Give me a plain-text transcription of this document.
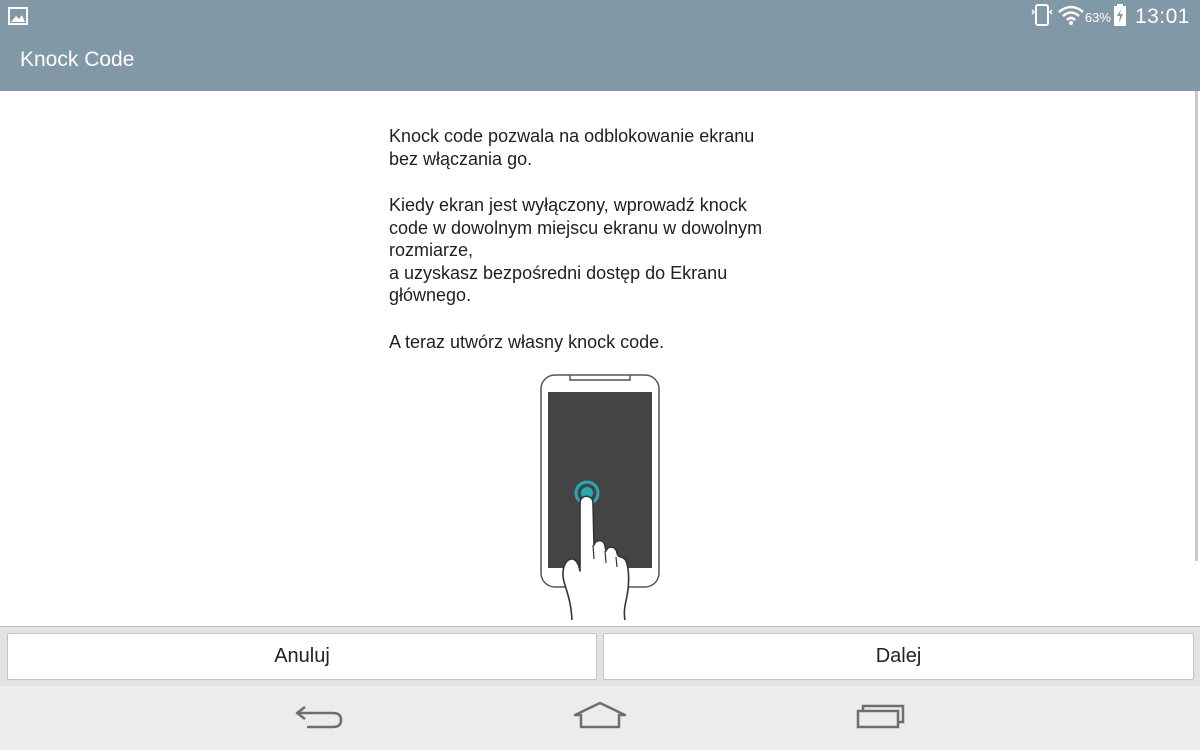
63% 13:01
Knock Code

Knock code pozwala na odblokowanie ekranu
bez włączania go.

Kiedy ekran jest wyłączony, wprowadź knock
code w dowolnym miejscu ekranu w dowolnym
rozmiarze,
a uzyskasz bezpośredni dostęp do Ekranu
głównego.

A teraz utwórz własny knock code.

Anuluj	Dalej
